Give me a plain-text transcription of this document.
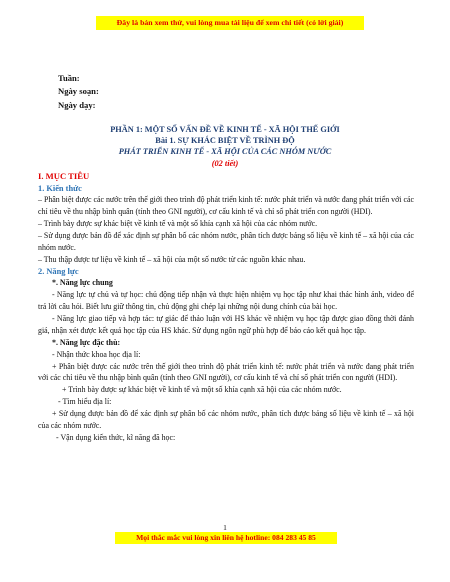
Đây là bản xem thử, vui lòng mua tài liệu để xem chi tiết (có lời giải)
Tuần:
Ngày soạn:
Ngày dạy:
PHẦN 1: MỘT SỐ VẤN ĐỀ VỀ KINH TẾ - XÃ HỘI THẾ GIỚI
Bài 1. SỰ KHÁC BIỆT VỀ TRÌNH ĐỘ
PHÁT TRIỂN KINH TẾ - XÃ HỘI CỦA CÁC NHÓM NƯỚC
(02 tiết)
I. MỤC TIÊU
1. Kiến thức

– Phân biệt được các nước trên thế giới theo trình độ phát triển kinh tế: nước phát triển và nước đang phát triển với các chỉ tiêu về thu nhập bình quân (tính theo GNI người), cơ cấu kinh tế và chỉ số phát triển con người (HDI).

– Trình bày được sự khác biệt về kinh tế và một số khía cạnh xã hội của các nhóm nước.

– Sử dụng được bản đồ để xác định sự phân bố các nhóm nước, phân tích được bảng số liệu về kinh tế – xã hội của các nhóm nước.

– Thu thập được tư liệu về kinh tế – xã hội của một số nước từ các nguồn khác nhau.

2. Năng lực

*. Năng lực chung

- Năng lực tự chủ và tự học: chủ động tiếp nhận và thực hiện nhiệm vụ học tập như khai thác hình ảnh, video để trả lời câu hỏi. Biết lưu giữ thông tin, chủ động ghi chép lại những nội dung chính của bài học.

- Năng lực giao tiếp và hợp tác: tự giác để thảo luận với HS khác về nhiệm vụ học tập được giao đồng thời đánh giá, nhận xét được kết quả học tập của HS khác. Sử dụng ngôn ngữ phù hợp để báo cáo kết quả học tập.

*. Năng lực đặc thù:

- Nhận thức khoa học địa lí:

+ Phân biệt được các nước trên thế giới theo trình độ phát triển kinh tế: nước phát triển và nước đang phát triển với các chỉ tiêu về thu nhập bình quân (tính theo GNI người), cơ cấu kinh tế và chỉ số phát triển con người (HDI).

+ Trình bày được sự khác biệt về kinh tế và một số khía cạnh xã hội của các nhóm nước.

- Tìm hiểu địa lí:

+ Sử dụng được bản đồ để xác định sự phân bố các nhóm nước, phân tích được bảng số liệu về kinh tế – xã hội của các nhóm nước.

- Vận dụng kiến thức, kĩ năng đã học:

1
Mọi thắc mắc vui lòng xin liên hệ hotline: 084 283 45 85
